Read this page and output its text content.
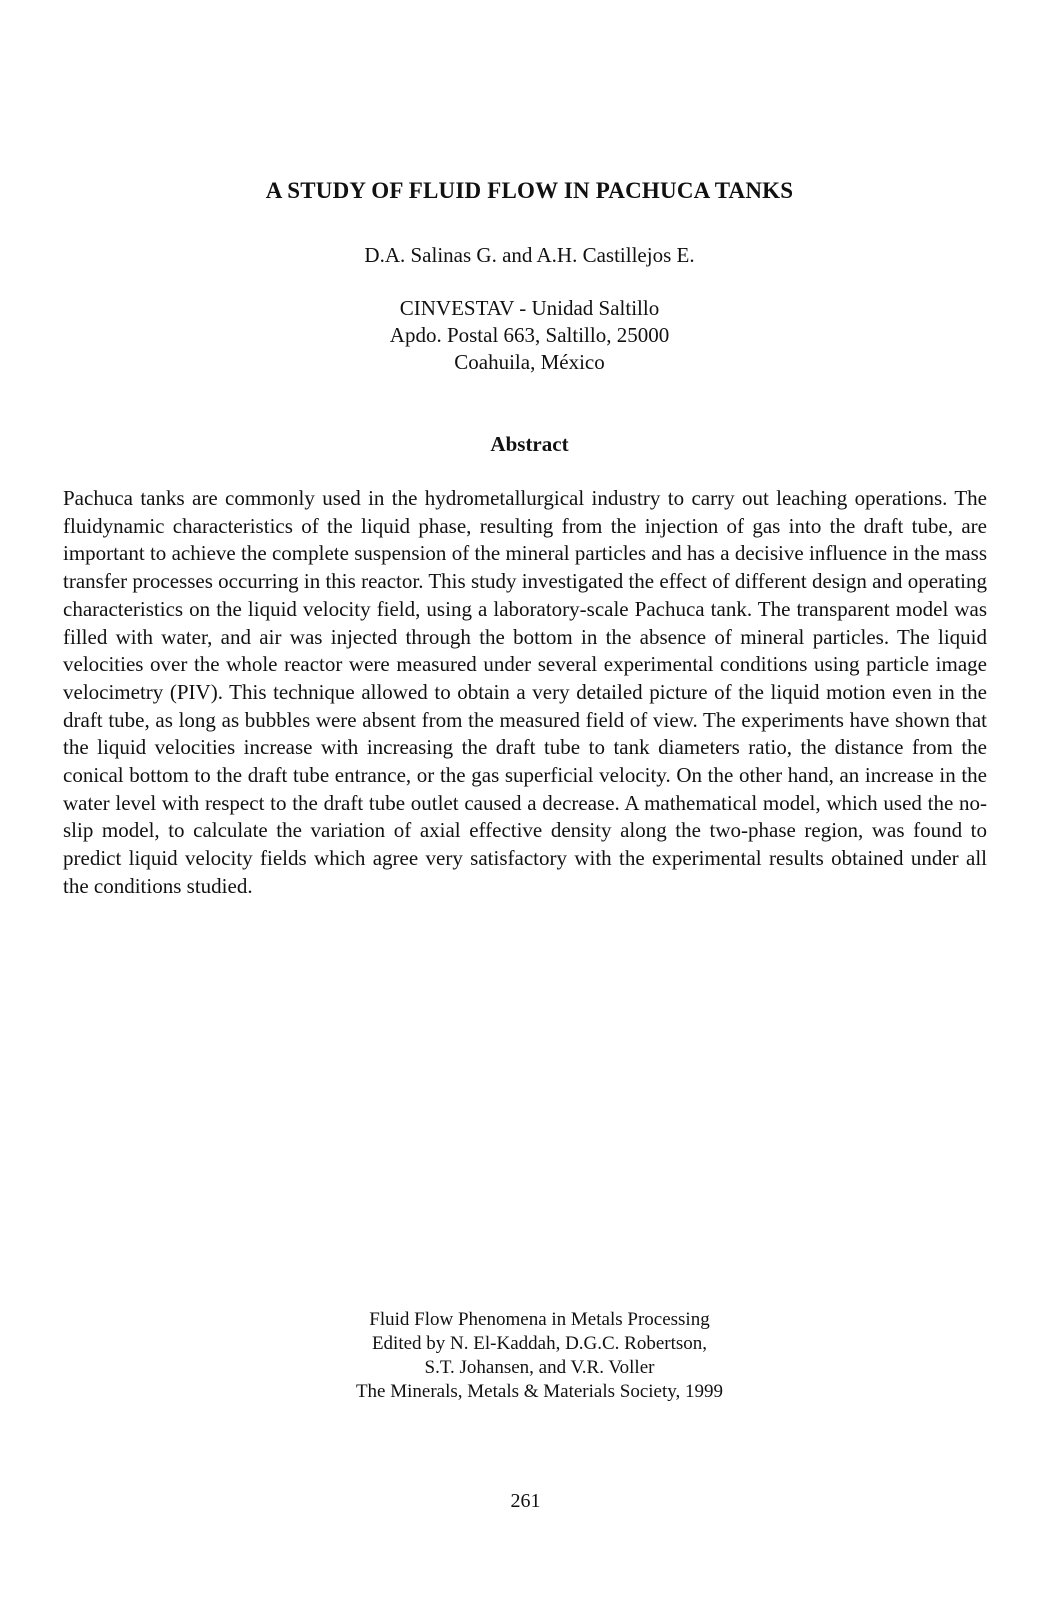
A STUDY OF FLUID FLOW IN PACHUCA TANKS
D.A. Salinas G. and A.H. Castillejos E.
CINVESTAV - Unidad Saltillo
Apdo. Postal 663, Saltillo, 25000
Coahuila, México
Abstract

Pachuca tanks are commonly used in the hydrometallurgical industry to carry out leaching operations. The fluidynamic characteristics of the liquid phase, resulting from the injection of gas into the draft tube, are important to achieve the complete suspension of the mineral particles and has a decisive influence in the mass transfer processes occurring in this reactor. This study investigated the effect of different design and operating characteristics on the liquid velocity field, using a laboratory-scale Pachuca tank. The transparent model was filled with water, and air was injected through the bottom in the absence of mineral particles. The liquid velocities over the whole reactor were measured under several experimental conditions using particle image velocimetry (PIV). This technique allowed to obtain a very detailed picture of the liquid motion even in the draft tube, as long as bubbles were absent from the measured field of view. The experiments have shown that the liquid velocities increase with increasing the draft tube to tank diameters ratio, the distance from the conical bottom to the draft tube entrance, or the gas superficial velocity. On the other hand, an increase in the water level with respect to the draft tube outlet caused a decrease. A mathematical model, which used the no-slip model, to calculate the variation of axial effective density along the two-phase region, was found to predict liquid velocity fields which agree very satisfactory with the experimental results obtained under all the conditions studied.

Fluid Flow Phenomena in Metals Processing
Edited by N. El-Kaddah, D.G.C. Robertson,
S.T. Johansen, and V.R. Voller
The Minerals, Metals & Materials Society, 1999
261
